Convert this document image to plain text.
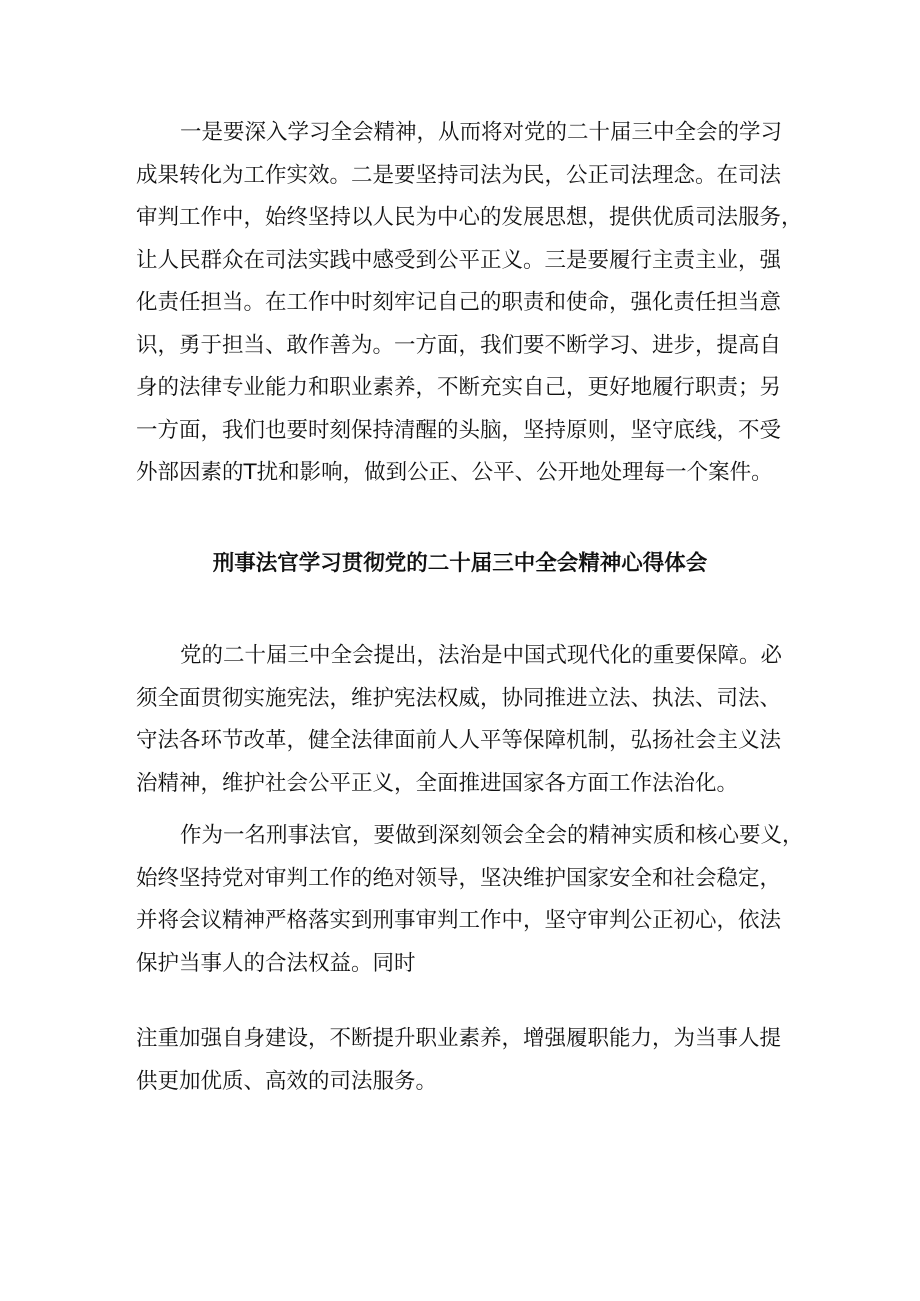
一是要深入学习全会精神，从而将对党的二十届三中全会的学习
成果转化为工作实效。二是要坚持司法为民，公正司法理念。在司法
审判工作中，始终坚持以人民为中心的发展思想，提供优质司法服务，
让人民群众在司法实践中感受到公平正义。三是要履行主责主业，强
化责任担当。在工作中时刻牢记自己的职责和使命，强化责任担当意
识，勇于担当、敢作善为。一方面，我们要不断学习、进步，提高自
身的法律专业能力和职业素养，不断充实自己，更好地履行职责；另
一方面，我们也要时刻保持清醒的头脑，坚持原则，坚守底线，不受
外部因素的T扰和影响，做到公正、公平、公开地处理每一个案件。
刑事法官学习贯彻党的二十届三中全会精神心得体会
党的二十届三中全会提出，法治是中国式现代化的重要保障。必
须全面贯彻实施宪法，维护宪法权威，协同推进立法、执法、司法、
守法各环节改革，健全法律面前人人平等保障机制，弘扬社会主义法
治精神，维护社会公平正义，全面推进国家各方面工作法治化。
作为一名刑事法官，要做到深刻领会全会的精神实质和核心要义，
始终坚持党对审判工作的绝对领导，坚决维护国家安全和社会稳定，
并将会议精神严格落实到刑事审判工作中，坚守审判公正初心，依法
保护当事人的合法权益。同时
注重加强自身建设，不断提升职业素养，增强履职能力，为当事人提
供更加优质、高效的司法服务。
